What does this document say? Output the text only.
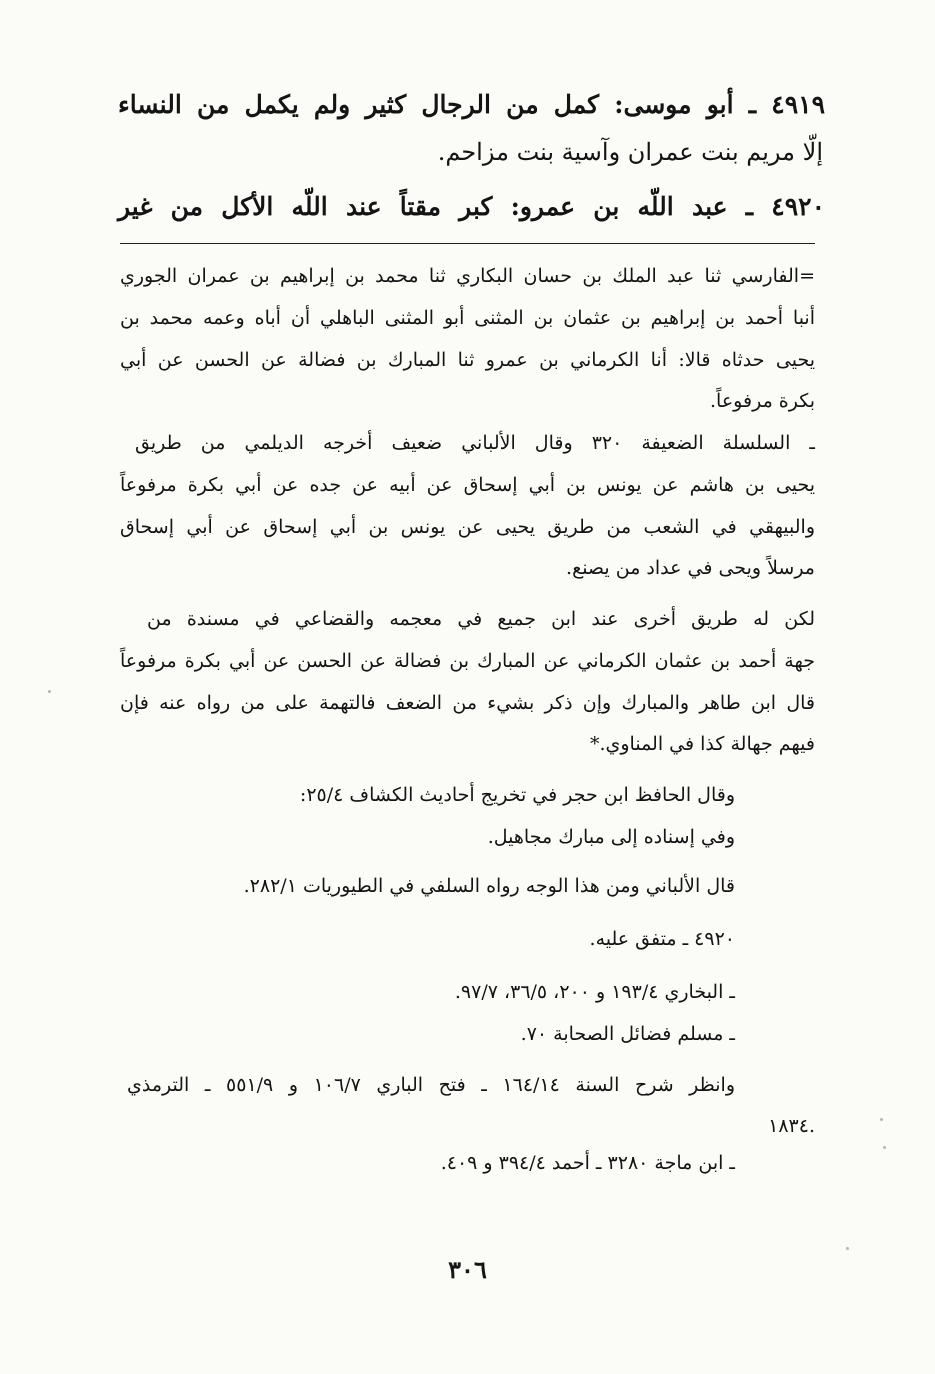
٤٩١٩ ـ أبو موسى: كمل من الرجال كثير ولم يكمل من النساء
إلّا مريم بنت عمران وآسية بنت مزاحم.
٤٩٢٠ ـ عبد اللّه بن عمرو: كبر مقتاً عند اللّه الأكل من غير
=الفارسي ثنا عبد الملك بن حسان البكاري ثنا محمد بن إبراهيم بن عمران الجوري
أنبا أحمد بن إبراهيم بن عثمان بن المثنى أبو المثنى الباهلي أن أباه وعمه محمد بن
يحيى حدثاه قالا: أنا الكرماني بن عمرو ثنا المبارك بن فضالة عن الحسن عن أبي
بكرة مرفوعاً.
ـ السلسلة الضعيفة ٣٢٠ وقال الألباني ضعيف أخرجه الديلمي من طريق
يحيى بن هاشم عن يونس بن أبي إسحاق عن أبيه عن جده عن أبي بكرة مرفوعاً
والبيهقي في الشعب من طريق يحيى عن يونس بن أبي إسحاق عن أبي إسحاق
مرسلاً ويحى في عداد من يصنع.
لكن له طريق أخرى عند ابن جميع في معجمه والقضاعي في مسندة من
جهة أحمد بن عثمان الكرماني عن المبارك بن فضالة عن الحسن عن أبي بكرة مرفوعاً
قال ابن طاهر والمبارك وإن ذكر بشيء من الضعف فالتهمة على من رواه عنه فإن
فيهم جهالة كذا في المناوي.*
وقال الحافظ ابن حجر في تخريج أحاديث الكشاف ٢٥/٤:
وفي إسناده إلى مبارك مجاهيل.
قال الألباني ومن هذا الوجه رواه السلفي في الطيوريات ٢٨٢/١.
٤٩٢٠ ـ متفق عليه.
ـ البخاري ١٩٣/٤ و ٢٠٠، ٣٦/٥، ٩٧/٧.
ـ مسلم فضائل الصحابة ٧٠.
وانظر شرح السنة ١٦٤/١٤ ـ فتح الباري ١٠٦/٧ و ٥٥١/٩ ـ الترمذي
١٨٣٤.
ـ ابن ماجة ٣٢٨٠ ـ أحمد ٣٩٤/٤ و ٤٠٩.
٣٠٦
